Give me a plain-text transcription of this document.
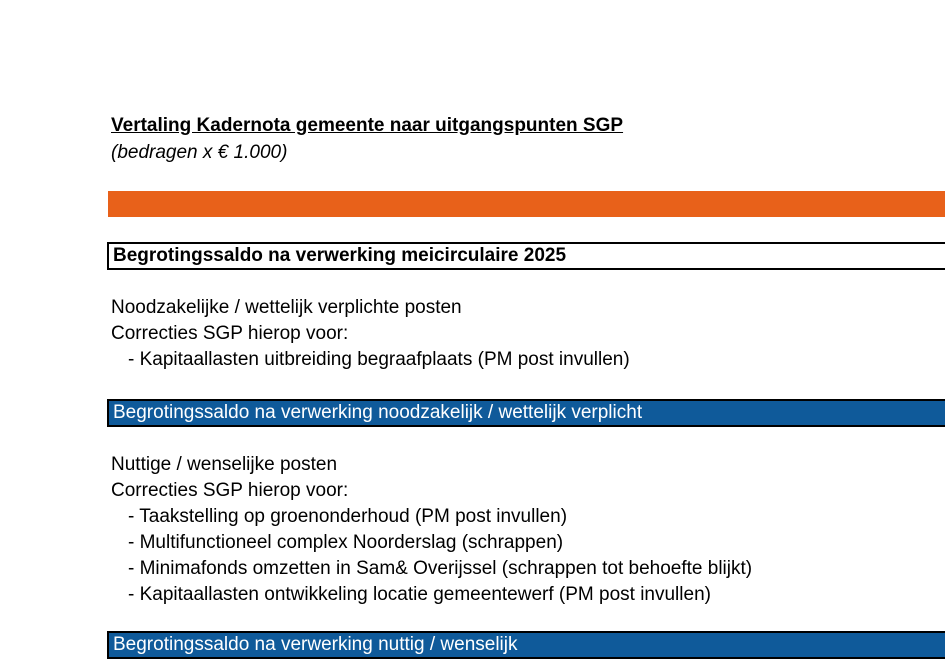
Vertaling Kadernota gemeente naar uitgangspunten SGP
(bedragen x € 1.000)
Begrotingssaldo na verwerking meicirculaire 2025
Noodzakelijke / wettelijk verplichte posten
Correcties SGP hierop voor:
- Kapitaallasten uitbreiding begraafplaats (PM post invullen)
Begrotingssaldo na verwerking noodzakelijk / wettelijk verplicht
Nuttige / wenselijke posten
Correcties SGP hierop voor:
- Taakstelling op groenonderhoud (PM post invullen)
- Multifunctioneel complex Noorderslag (schrappen)
- Minimafonds omzetten in Sam& Overijssel (schrappen tot behoefte blijkt)
- Kapitaallasten ontwikkeling locatie gemeentewerf (PM post invullen)
Begrotingssaldo na verwerking nuttig / wenselijk
